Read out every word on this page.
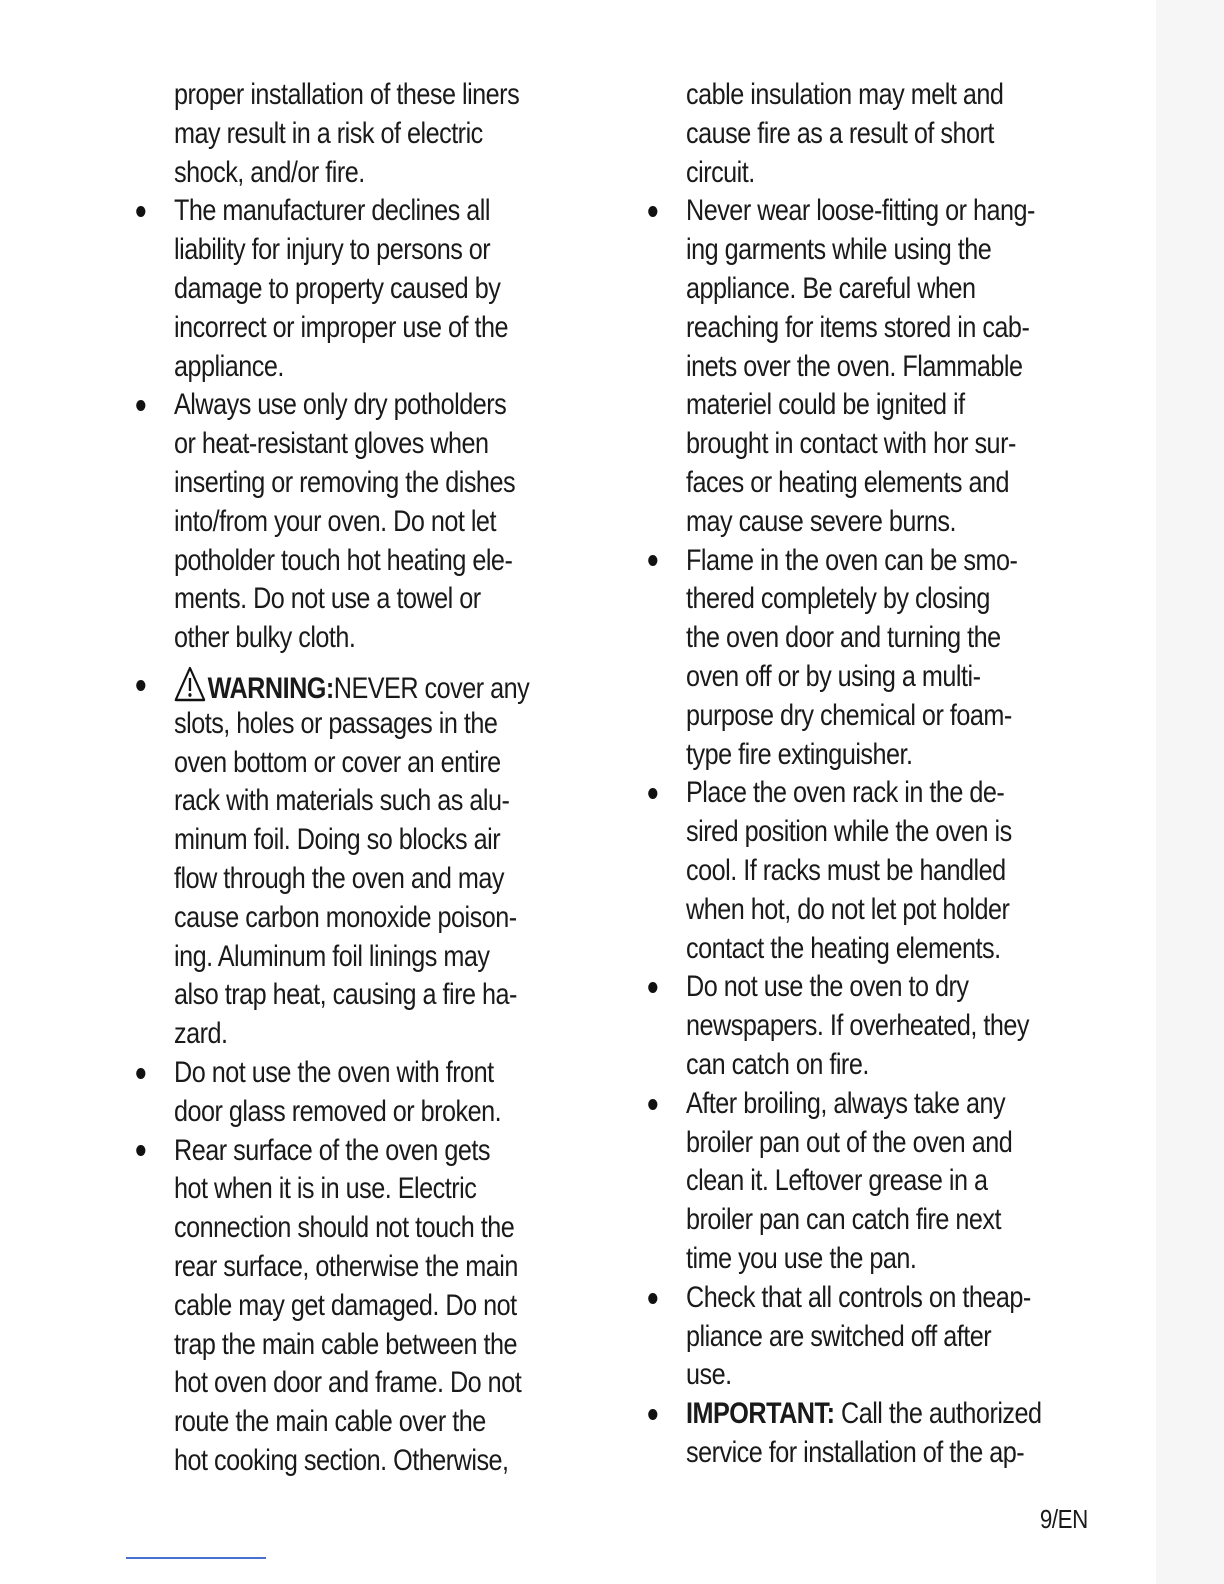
proper installation of these liners
may result in a risk of electric
shock, and/or fire.
The manufacturer declines all
liability for injury to persons or
damage to property caused by
incorrect or improper use of the
appliance.
Always use only dry potholders
or heat-resistant gloves when
inserting or removing the dishes
into/from your oven. Do not let
potholder touch hot heating ele-
ments. Do not use a towel or
other bulky cloth.
WARNING:NEVER cover any
slots, holes or passages in the
oven bottom or cover an entire
rack with materials such as alu-
minum foil. Doing so blocks air
flow through the oven and may
cause carbon monoxide poison-
ing. Aluminum foil linings may
also trap heat, causing a fire ha-
zard.
Do not use the oven with front
door glass removed or broken.
Rear surface of the oven gets
hot when it is in use. Electric
connection should not touch the
rear surface, otherwise the main
cable may get damaged. Do not
trap the main cable between the
hot oven door and frame. Do not
route the main cable over the
hot cooking section. Otherwise,
cable insulation may melt and
cause fire as a result of short
circuit.
Never wear loose-fitting or hang-
ing garments while using the
appliance. Be careful when
reaching for items stored in cab-
inets over the oven. Flammable
materiel could be ignited if
brought in contact with hor sur-
faces or heating elements and
may cause severe burns.
Flame in the oven can be smo-
thered completely by closing
the oven door and turning the
oven off or by using a multi-
purpose dry chemical or foam-
type fire extinguisher.
Place the oven rack in the de-
sired position while the oven is
cool. If racks must be handled
when hot, do not let pot holder
contact the heating elements.
Do not use the oven to dry
newspapers. If overheated, they
can catch on fire.
After broiling, always take any
broiler pan out of the oven and
clean it. Leftover grease in a
broiler pan can catch fire next
time you use the pan.
Check that all controls on theap-
pliance are switched off after
use.
IMPORTANT: Call the authorized
service for installation of the ap-
9/EN
